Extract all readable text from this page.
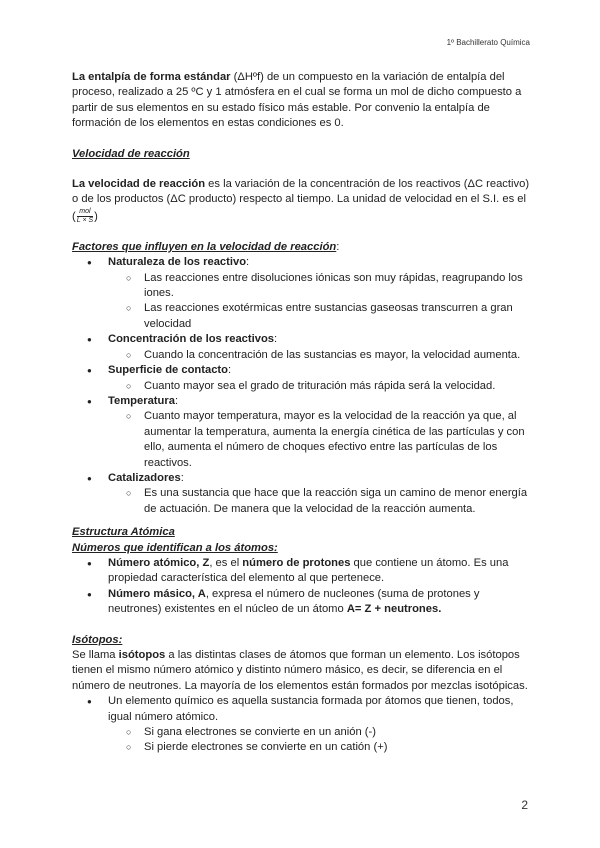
1º Bachillerato Química

La entalpía de forma estándar (ΔHºf) de un compuesto en la variación de entalpía del proceso, realizado a 25 ºC y 1 atmósfera en el cual se forma un mol de dicho compuesto a partir de sus elementos en su estado físico más estable. Por convenio la entalpía de formación de los elementos en estas condiciones es 0.

Velocidad de reacción

La velocidad de reacción es la variación de la concentración de los reactivos (ΔC reactivo) o de los productos (ΔC producto) respecto al tiempo. La unidad de velocidad en el S.I. es el ( $\frac{\text{mol}}{L \times S}$ )

Factores que influyen en la velocidad de reacción:

● Naturaleza de los reactivo:
○ Las reacciones entre disoluciones iónicas son muy rápidas, reagrupando los iones.
○ Las reacciones exotérmicas entre sustancias gaseosas transcurren a gran velocidad
● Concentración de los reactivos:
○ Cuando la concentración de las sustancias es mayor, la velocidad aumenta.
● Superficie de contacto:
○ Cuanto mayor sea el grado de trituración más rápida será la velocidad.
● Temperatura:
○ Cuanto mayor temperatura, mayor es la velocidad de la reacción ya que, al aumentar la temperatura, aumenta la energía cinética de las partículas y con ello, aumenta el número de choques efectivo entre las partículas de los reactivos.
● Catalizadores:
○ Es una sustancia que hace que la reacción siga un camino de menor energía de actuación. De manera que la velocidad de la reacción aumenta.

Estructura Atómica

Números que identifican a los átomos:

● Número atómico, Z, es el número de protones que contiene un átomo. Es una propiedad característica del elemento al que pertenece.
● Número másico, A, expresa el número de nucleones (suma de protones y neutrones) existentes en el núcleo de un átomo A= Z + neutrones.

Isótopos:

Se llama isótopos a las distintas clases de átomos que forman un elemento. Los isótopos tienen el mismo número atómico y distinto número másico, es decir, se diferencia en el número de neutrones. La mayoría de los elementos están formados por mezclas isotópicas.

● Un elemento químico es aquella sustancia formada por átomos que tienen, todos, igual número atómico.
○ Si gana electrones se convierte en un anión (-)
○ Si pierde electrones se convierte en un catión (+)
2
